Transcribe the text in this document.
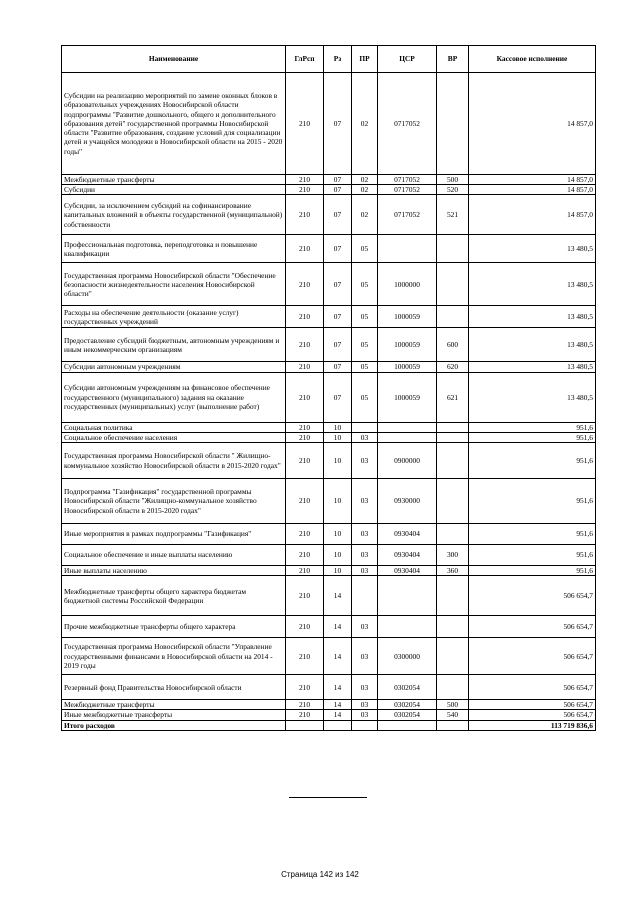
Наименование	ГлРсп	Рз	ПР	ЦСР	ВР	Кассовое исполнение
Субсидии на реализацию мероприятий по замене оконных блоков в образовательных учреждениях Новосибирской области подпрограммы "Развитие дошкольного, общего и дополнительного образования детей" государственной программы Новосибирской области "Развитие образования, создание условий для социализации детей и учащейся молодежи в Новосибирской области на 2015 - 2020 годы"	210	07	02	0717052		14 857,0
Межбюджетные трансферты	210	07	02	0717052	500	14 857,0
Субсидии	210	07	02	0717052	520	14 857,0
Субсидии, за исключением субсидий на софинансирование капитальных вложений в объекты государственной (муниципальной) собственности	210	07	02	0717052	521	14 857,0
Профессиональная подготовка, переподготовка и повышение квалификации	210	07	05			13 480,5
Государственная программа Новосибирской области "Обеспечение безопасности жизнедеятельности населения Новосибирской области"	210	07	05	1000000		13 480,5
Расходы на обеспечение деятельности (оказание услуг) государственных учреждений	210	07	05	1000059		13 480,5
Предоставление субсидий бюджетным, автономным учреждениям и иным некоммерческим организациям	210	07	05	1000059	600	13 480,5
Субсидии автономным учреждениям	210	07	05	1000059	620	13 480,5
Субсидии автономным учреждениям на финансовое обеспечение государственного (муниципального) задания на оказание государственных (муниципальных) услуг (выполнение работ)	210	07	05	1000059	621	13 480,5
Социальная политика	210	10				951,6
Социальное обеспечение населения	210	10	03			951,6
Государственная программа Новосибирской области " Жилищно-коммунальное хозяйство Новосибирской области в 2015-2020 годах"	210	10	03	0900000		951,6
Подпрограмма "Газификация" государственной программы Новосибирской области "Жилищно-коммунальное хозяйство Новосибирской области в 2015-2020 годах"	210	10	03	0930000		951,6
Иные мероприятия в рамках подпрограммы "Газификация"	210	10	03	0930404		951,6
Социальное обеспечение и иные выплаты населению	210	10	03	0930404	300	951,6
Иные выплаты населению	210	10	03	0930404	360	951,6
Межбюджетные трансферты общего характера бюджетам бюджетной системы Российской Федерации	210	14				506 654,7
Прочие межбюджетные трансферты общего характера	210	14	03			506 654,7
Государственная программа Новосибирской области "Управление государственными финансами в Новосибирской области на 2014 - 2019 годы	210	14	03	0300000		506 654,7
Резервный фонд Правительства Новосибирской области	210	14	03	0302054		506 654,7
Межбюджетные трансферты	210	14	03	0302054	500	506 654,7
Иные межбюджетные трансферты	210	14	03	0302054	540	506 654,7
Итого расходов						113 719 836,6
Страница 142 из 142
